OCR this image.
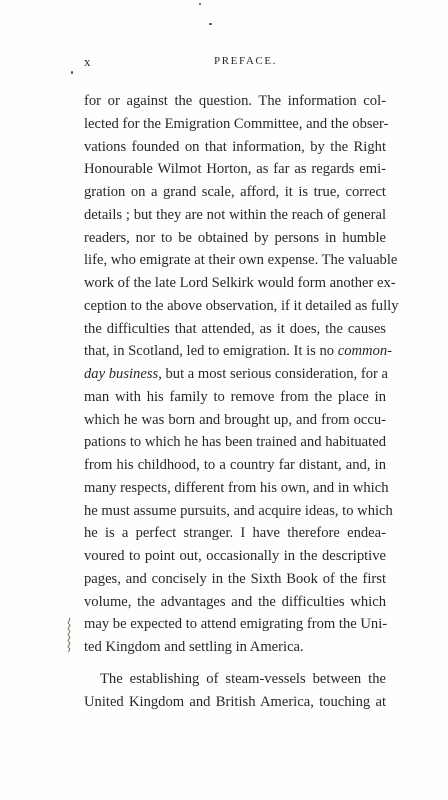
x	PREFACE.
for or against the question. The information col-
lected for the Emigration Committee, and the obser-
vations founded on that information, by the Right
Honourable Wilmot Horton, as far as regards emi-
gration on a grand scale, afford, it is true, correct
details ; but they are not within the reach of general
readers, nor to be obtained by persons in humble
life, who emigrate at their own expense. The valuable
work of the late Lord Selkirk would form another ex-
ception to the above observation, if it detailed as fully
the difficulties that attended, as it does, the causes
that, in Scotland, led to emigration. It is no common-
day business, but a most serious consideration, for a
man with his family to remove from the place in
which he was born and brought up, and from occu-
pations to which he has been trained and habituated
from his childhood, to a country far distant, and, in
many respects, different from his own, and in which
he must assume pursuits, and acquire ideas, to which
he is a perfect stranger. I have therefore endea-
voured to point out, occasionally in the descriptive
pages, and concisely in the Sixth Book of the first
volume, the advantages and the difficulties which
may be expected to attend emigrating from the Uni-
ted Kingdom and settling in America.
The establishing of steam-vessels between the
United Kingdom and British America, touching at
